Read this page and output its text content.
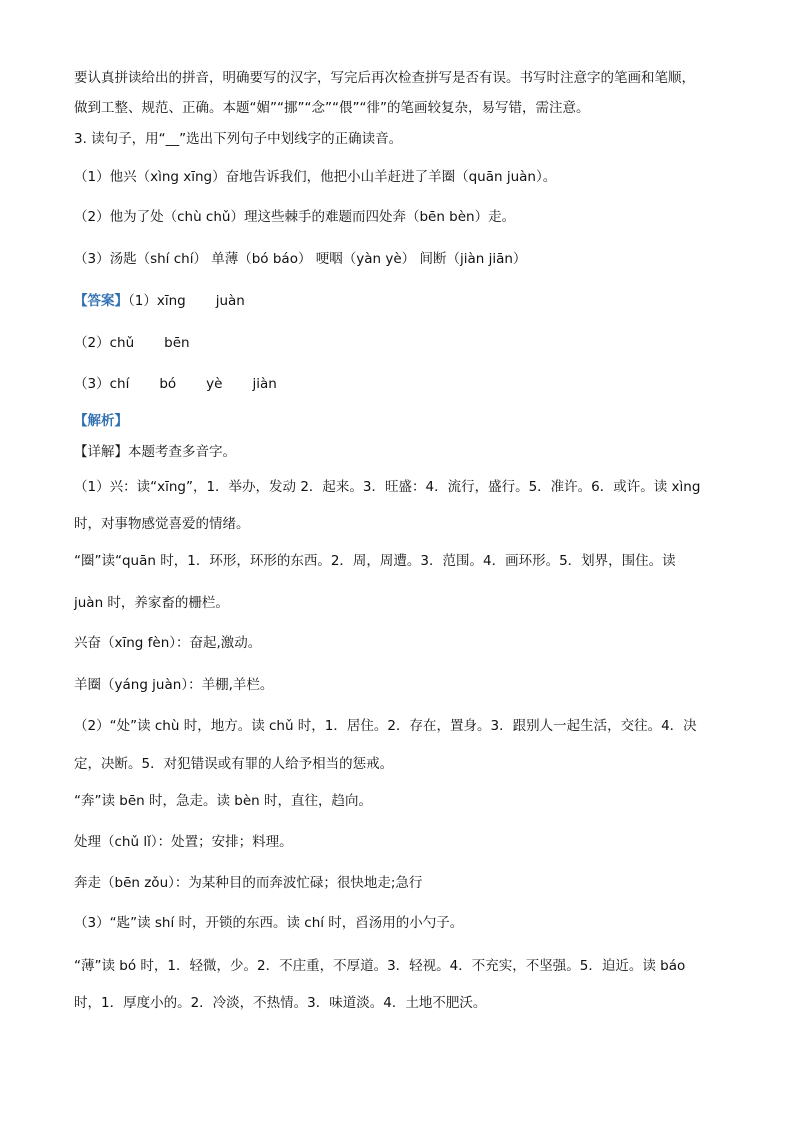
要认真拼读给出的拼音，明确要写的汉字，写完后再次检查拼写是否有误。书写时注意字的笔画和笔顺，
做到工整、规范、正确。本题“媚”“挪”“念”“偎”“徘”的笔画较复杂，易写错，需注意。
3. 读句子，用“__”选出下列句子中划线字的正确读音。
（1）他兴（xìng xīng）奋地告诉我们，他把小山羊赶进了羊圈（quān juàn）。
（2）他为了处（chù chǔ）理这些棘手的难题而四处奔（bēn bèn）走。
（3）汤匙（shí chí） 单薄（bó báo） 哽咽（yàn yè） 间断（jiàn jiān）
【答案】（1）xīng juàn
（2）chǔ bēn
（3）chí bó yè jiàn
【解析】
【详解】本题考查多音字。
（1）兴：读“xīng”，1．举办，发动 2．起来。3．旺盛：4．流行，盛行。5．准许。6．或许。读 xìng
时，对事物感觉喜爱的情绪。
“圈”读“quān 时，1．环形，环形的东西。2．周，周遭。3．范围。4．画环形。5．划界，围住。读
juàn 时，养家畜的栅栏。
兴奋（xīng fèn）：奋起,激动。
羊圈（yáng juàn）：羊棚,羊栏。
（2）“处”读 chù 时，地方。读 chǔ 时，1．居住。2．存在，置身。3．跟别人一起生活，交往。4．决
定，决断。5．对犯错误或有罪的人给予相当的惩戒。
“奔”读 bēn 时，急走。读 bèn 时，直往，趋向。
处理（chǔ lǐ）：处置；安排；料理。
奔走（bēn zǒu）：为某种目的而奔波忙碌；很快地走;急行
（3）“匙”读 shí 时，开锁的东西。读 chí 时，舀汤用的小勺子。
“薄”读 bó 时，1．轻微，少。2．不庄重，不厚道。3．轻视。4．不充实，不坚强。5．迫近。读 báo
时，1．厚度小的。2．冷淡，不热情。3．味道淡。4．土地不肥沃。
